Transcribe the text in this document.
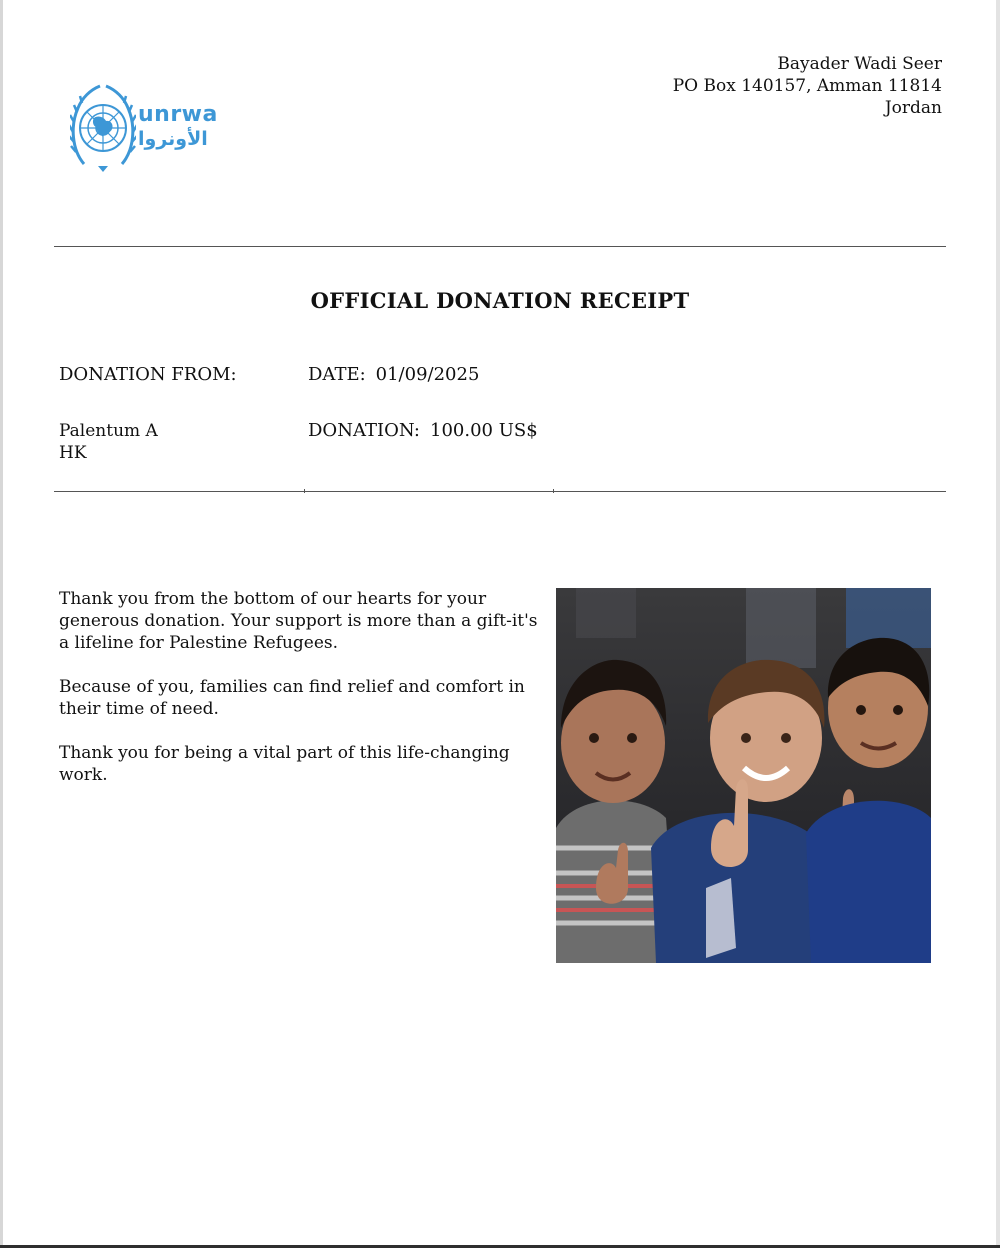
unrwa
الأونروا
Bayader Wadi Seer
PO Box 140157, Amman 11814
Jordan
OFFICIAL DONATION RECEIPT
DONATION FROM:	DATE: 01/09/2025
Palentum A
HK
DONATION: 100.00 US$

Thank you from the bottom of our hearts for your generous donation. Your support is more than a gift-it's a lifeline for Palestine Refugees.

Because of you, families can find relief and comfort in their time of need.

Thank you for being a vital part of this life-changing work.
